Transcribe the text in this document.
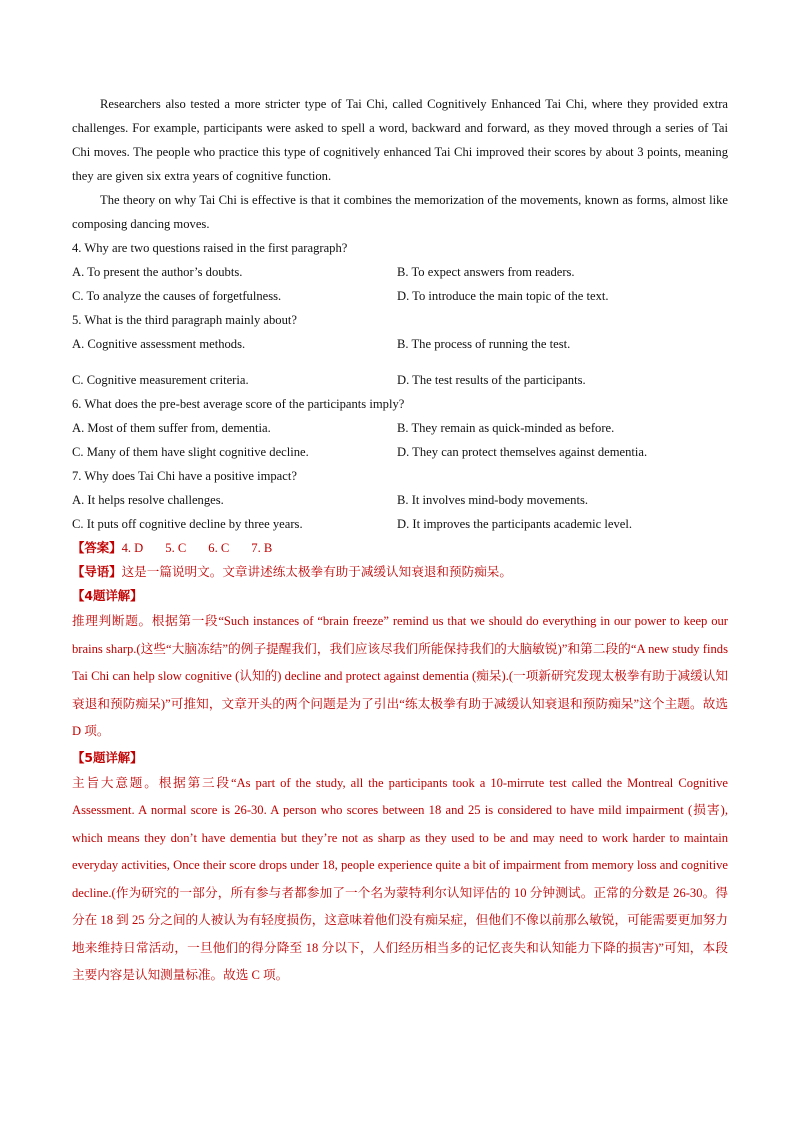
Researchers also tested a more stricter type of Tai Chi, called Cognitively Enhanced Tai Chi, where they provided extra challenges. For example, participants were asked to spell a word, backward and forward, as they moved through a series of Tai Chi moves. The people who practice this type of cognitively enhanced Tai Chi improved their scores by about 3 points, meaning they are given six extra years of cognitive function.

The theory on why Tai Chi is effective is that it combines the memorization of the movements, known as forms, almost like composing dancing moves.

4. Why are two questions raised in the first paragraph?

A. To present the author’s doubts.	B. To expect answers from readers.
C. To analyze the causes of forgetfulness.	D. To introduce the main topic of the text.

5. What is the third paragraph mainly about?

A. Cognitive assessment methods.	B. The process of running the test.
C. Cognitive measurement criteria.	D. The test results of the participants.

6. What does the pre-best average score of the participants imply?

A. Most of them suffer from, dementia.	B. They remain as quick-minded as before.
C. Many of them have slight cognitive decline.	D. They can protect themselves against dementia.

7. Why does Tai Chi have a positive impact?

A. It helps resolve challenges.	B. It involves mind-body movements.
C. It puts off cognitive decline by three years.	D. It improves the participants academic level.

【答案】4. D 5. C 6. C 7. B

【导语】这是一篇说明文。文章讲述练太极拳有助于减缓认知衰退和预防痴呆。

【4题详解】

推理判断题。根据第一段“Such instances of “brain freeze” remind us that we should do everything in our power to keep our brains sharp.(这些“大脑冻结”的例子提醒我们，我们应该尽我们所能保持我们的大脑敏锐)”和第二段的“A new study finds Tai Chi can help slow cognitive (认知的) decline and protect against dementia (痴呆).(一项新研究发现太极拳有助于减缓认知衰退和预防痴呆)”可推知，文章开头的两个问题是为了引出“练太极拳有助于减缓认知衰退和预防痴呆”这个主题。故选 D 项。

【5题详解】

主旨大意题。根据第三段“As part of the study, all the participants took a 10-mirrute test called the Montreal Cognitive Assessment. A normal score is 26-30. A person who scores between 18 and 25 is considered to have mild impairment (损害), which means they don’t have dementia but they’re not as sharp as they used to be and may need to work harder to maintain everyday activities, Once their score drops under 18, people experience quite a bit of impairment from memory loss and cognitive decline.(作为研究的一部分，所有参与者都参加了一个名为蒙特利尔认知评估的 10 分钟测试。正常的分数是 26-30。得分在 18 到 25 分之间的人被认为有轻度损伤，这意味着他们没有痴呆症，但他们不像以前那么敏锐，可能需要更加努力地来维持日常活动，一旦他们的得分降至 18 分以下，人们经历相当多的记忆丧失和认知能力下降的损害)”可知，本段主要内容是认知测量标准。故选 C 项。
